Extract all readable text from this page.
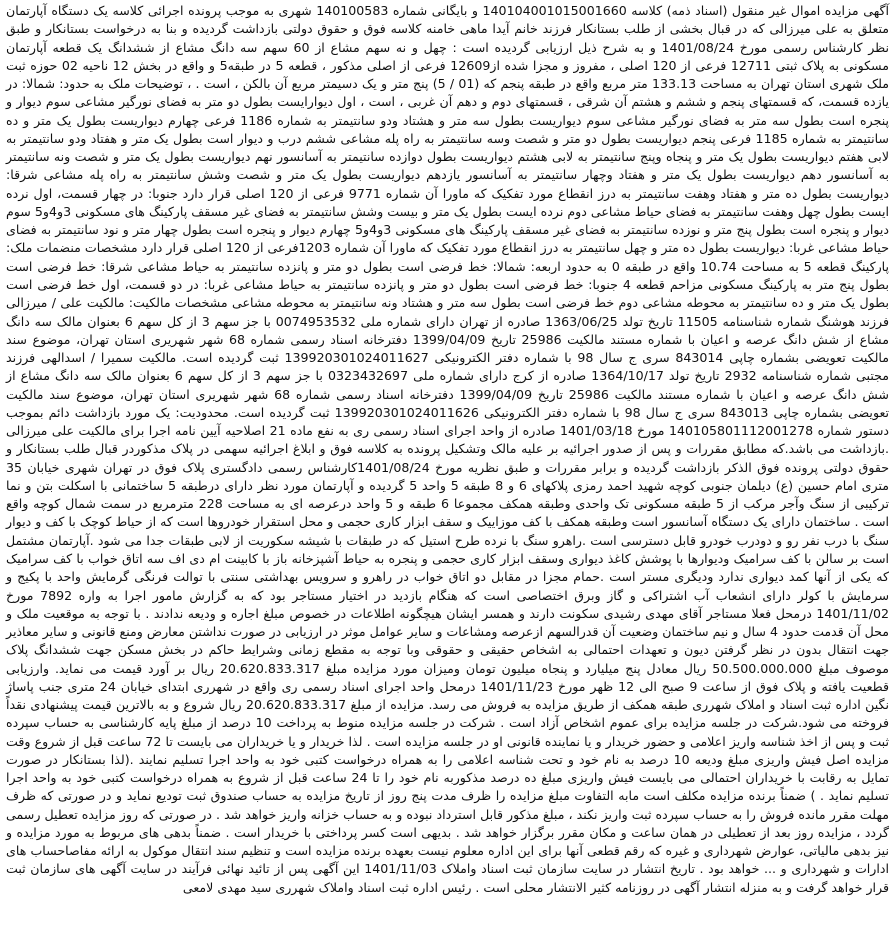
آگهی مزایده اموال غیر منقول (اسناد ذمه) کلاسه 140104001015001660 و بایگانی شماره 140100583 شهری به موجب پرونده اجرائی کلاسه یک دستگاه آپارتمان متعلق به علی میرزالی که در قبال بخشی از طلب بستانکار فرزند خانم آیدا ماهی خامنه کلاسه فوق و حقوق دولتی بازداشت گردیده و بنا به درخواست بستانکار و طبق نظر کارشناس رسمی مورخ 1401/08/24 و به شرح ذیل ارزیابی گردیده است : چهل و نه سهم مشاع از 60 سهم سه دانگ مشاع از ششدانگ یک قطعه آپارتمان مسکونی به پلاک ثبتی 12711 فرعی از 120 اصلی ، مفروز و مجزا شده از12609 فرعی از اصلی مذکور ، قطعه 5 در طبقه5 و واقع در بخش 12 ناحیه 02 حوزه ثبت ملک شهری استان تهران به مساحت 133.13 متر مربع واقع در طبقه پنجم که (01 / 5) پنج متر و یک دسیمتر مربع آن بالکن ، است . ، توضیحات ملک به حدود: شمالا: در یازده قسمت، که قسمتهای پنجم و ششم و هشتم آن شرقی ، قسمتهای دوم و دهم آن غربی ، است ، اول دیوارایست بطول دو متر به فضای نورگیر مشاعی سوم دیوار و پنجره است بطول سه متر به فضای نورگیر مشاعی سوم دیواریست بطول سه متر و هشتاد ودو سانتیمتر به شماره 1186 فرعی چهارم دیواریست بطول یک متر و ده سانتیمتر به شماره 1185 فرعی پنجم دیواریست بطول دو متر و شصت وسه سانتیمتر به راه پله مشاعی ششم درب و دیوار است بطول یک متر و هفتاد ودو سانتیمتر به لابی هفتم دیواریست بطول یک متر و پنجاه وپنج سانتیمتر به لابی هشتم دیواریست بطول دوازده سانتیمتر به آسانسور نهم دیواریست بطول یک متر و شصت ونه سانتیمتر به آسانسور دهم دیواریست بطول یک متر و هفتاد وچهار سانتیمتر به آسانسور یازدهم دیواریست بطول یک متر و شصت وشش سانتیمتر به راه پله مشاعی شرقا: دیواریست بطول ده متر و هفتاد وهفت سانتیمتر به درز انقطاع مورد تفکیک که ماورا آن شماره 9771 فرعی از 120 اصلی قرار دارد جنوبا: در چهار قسمت، اول نرده ایست بطول چهل وهفت سانتیمتر به فضای حیاط مشاعی دوم نرده ایست بطول یک متر و بیست وشش سانتیمتر به فضای غیر مسقف پارکینگ های مسکونی 3و4و5 سوم دیوار و پنجره است بطول پنج متر و نوزده سانتیمتر به فضای غیر مسقف پارکینگ های مسکونی 3و4و5 چهارم دیوار و پنجره است بطول چهار متر و نود سانتیمتر به فضای حیاط مشاعی غربا: دیواریست بطول ده متر و چهل سانتیمتر به درز انقطاع مورد تفکیک که ماورا آن شماره 1203فرعی از 120 اصلی قرار دارد مشخصات منضمات ملک: پارکینگ قطعه 5 به مساحت 10.74 واقع در طبقه 0 به حدود اربعه: شمالا: خط فرضی است بطول دو متر و پانزده سانتیمتر به حیاط مشاعی شرقا: خط فرضی است بطول پنج متر به پارکینگ مسکونی مزاحم قطعه 4 جنوبا: خط فرضی است بطول دو متر و پانزده سانتیمتر به حیاط مشاعی غربا: در دو قسمت، اول خط فرضی است بطول یک متر و ده سانتیمتر به محوطه مشاعی دوم خط فرضی است بطول سه متر و هشتاد ونه سانتیمتر به محوطه مشاعی مشخصات مالکیت: مالکیت علی / میرزالی فرزند هوشنگ شماره شناسنامه 11505 تاریخ تولد 1363/06/25 صادره از تهران دارای شماره ملی 0074953532 با جز سهم 3 از کل سهم 6 بعنوان مالک سه دانگ مشاع از شش دانگ عرصه و اعیان با شماره مستند مالکیت 25986 تاریخ 1399/04/09 دفترخانه اسناد رسمی شماره 68 شهر شهریری استان تهران، موضوع سند مالکیت تعویضی بشماره چاپی 843014 سری ج سال 98 با شماره دفتر الکترونیکی 139920301024011627 ثبت گردیده است. مالکیت سمیرا / اسدالهی فرزند مجتبی شماره شناسنامه 2932 تاریخ تولد 1364/10/17 صادره از کرج دارای شماره ملی 0323432697 با جز سهم 3 از کل سهم 6 بعنوان مالک سه دانگ مشاع از شش دانگ عرصه و اعیان با شماره مستند مالکیت 25986 تاریخ 1399/04/09 دفترخانه اسناد رسمی شماره 68 شهر شهریری استان تهران، موضوع سند مالکیت تعویضی بشماره چاپی 843013 سری ج سال 98 با شماره دفتر الکترونیکی 139920301024011626 ثبت گردیده است. محدودیت: یک مورد بازداشت دائم بموجب دستور شماره 140105801112001278 مورخ 1401/03/18 صادره از واحد اجرای اسناد رسمی ری به نفع ماده 21 اصلاحیه آیین نامه اجرا برای مالکیت علی میرزالی .بازداشت می باشد.که مطابق مقررات و پس از صدور اجرائیه بر علیه مالک وتشکیل پرونده به کلاسه فوق و ابلاغ اجرائیه سهمی در پلاک مذکوردر قبال طلب بستانکار و حقوق دولتی پرونده فوق الذکر بازداشت گردیده و برابر مقررات و طبق نظریه مورخ 1401/08/24کارشناس رسمی دادگستری پلاک فوق در تهران شهری خیابان 35 متری امام حسین (ع) دیلمان جنوبی کوچه شهید احمد رمزی پلاکهای 6 و 8 طبقه 5 واحد 5 گردیده و آپارتمان مورد نظر دارای درطبقه 5 ساختمانی با اسکلت بتن و نما ترکیبی از سنگ وآجر مرکب از 5 طبقه مسکونی تک واحدی وطبقه همکف مجموعا 6 طبقه و 5 واحد درعرصه ای به مساحت 228 مترمربع در سمت شمال کوچه واقع است . ساختمان دارای یک دستگاه آسانسور است وطبقه همکف با کف موزاییک و سقف ابزار کاری حجمی و محل استقرار خودروها است که از حیاط کوچک با کف و دیوار سنگ با درب نفر رو و دودرب خودرو قابل دسترسی است .راهرو سنگ با نرده طرح استیل که در طبقات با شیشه سکوریت از لابی طبقات جدا می شود .آپارتمان مشتمل است بر سالن با کف سرامیک ودیوارها با پوشش کاغذ دیواری وسقف ابزار کاری حجمی و پنجره به حیاط آشپزخانه باز با کابینت ام دی اف سه اتاق خواب با کف سرامیک که یکی از آنها کمد دیواری ندارد ودیگری مستر است .حمام مجزا در مقابل دو اتاق خواب در راهرو و سرویس بهداشتی سنتی با توالت فرنگی گرمایش واحد با پکیج و سرمایش با کولر دارای انشعاب آب اشتراکی و گاز وبرق اختصاصی است که هنگام بازدید در اختیار مستاجر بود که به گزارش مامور اجرا به واره 7892 مورخ 1401/11/02 درمحل فعلا مستاجر آقای مهدی رشیدی سکونت دارند و همسر ایشان هیچگونه اطلاعات در خصوص مبلغ اجاره و ودیعه ندادند . با توجه به موقعیت ملک و محل آن قدمت حدود 4 سال و نیم ساختمان وضعیت آن قدرالسهم ازعرصه ومشاعات و سایر عوامل موثر در ارزیابی در صورت نداشتن معارض ومنع قانونی و سایر معاذیر جهت انتقال بدون در نظر گرفتن دیون و تعهدات احتمالی به اشخاص حقیقی و حقوقی وبا توجه به مقطع زمانی وشرایط حاکم در بخش مسکن جهت ششدانگ پلاک موصوف مبلغ 50.500.000.000 ریال معادل پنج میلیارد و پنجاه میلیون تومان ومیزان مورد مزایده مبلغ 20.620.833.317 ریال بر آورد قیمت می نماید. وارزیابی قطعیت یافته و پلاک فوق از ساعت 9 صبح الی 12 ظهر مورخ 1401/11/23 درمحل واحد اجرای اسناد رسمی ری واقع در شهرری ابتدای خیابان 24 متری جنب پاساژ نگین اداره ثبت اسناد و املاک شهرری طبقه همکف از طریق مزایده به فروش می رسد. مزایده از مبلغ 20.620.833.317 ریال شروع و به بالاترین قیمت پیشنهادی نقداً فروخته می شود.شرکت در جلسه مزایده برای عموم اشخاص آزاد است . شرکت در جلسه مزایده منوط به پرداخت 10 درصد از مبلغ پایه کارشناسی به حساب سپرده ثبت و پس از اخذ شناسه واریز اعلامی و حضور خریدار و یا نماینده قانونی او در جلسه مزایده است . لذا خریدار و یا خریداران می بایست تا 72 ساعت قبل از شروع وقت مزایده اصل فیش واریزی مبلغ ودیعه 10 درصد به نام خود و تحت شناسه اعلامی را به همراه درخواست کتبی خود به واحد اجرا تسلیم نمایند .(لذا بستانکار در صورت تمایل به رقابت با خریداران احتمالی می بایست فیش واریزی مبلغ ده درصد مذکوربه نام خود را تا 24 ساعت قبل از شروع به همراه درخواست کتبی خود به واحد اجرا تسلیم نماید . ) ضمناً برنده مزایده مکلف است مابه التفاوت مبلغ مزایده را ظرف مدت پنج روز از تاریخ مزایده به حساب صندوق ثبت تودیع نماید و در صورتی که ظرف مهلت مقرر مانده فروش را به حساب سپرده ثبت واریز نکند ، مبلغ مذکور قابل استرداد نبوده و به حساب خزانه واریز خواهد شد . در صورتی که روز مزایده تعطیل رسمی گردد ، مزایده روز بعد از تعطیلی در همان ساعت و مکان مقرر برگزار خواهد شد . بدیهی است کسر پرداختی با خریدار است . ضمناً بدهی های مربوط به مورد مزایده و نیز بدهی مالیاتی، عوارض شهرداری و غیره که رقم قطعی آنها برای این اداره معلوم نیست بعهده برنده مزایده است و تنظیم سند انتقال موکول به ارائه مفاصاحساب های ادارات و شهرداری و ... خواهد بود . تاریخ انتشار در سایت سازمان ثبت اسناد واملاک 1401/11/03 این آگهی پس از تائید نهائی فرآیند در سایت آگهی های سازمان ثبت قرار خواهد گرفت و به منزله انتشار آگهی در روزنامه کثیر الانتشار محلی است . رئیس اداره ثبت اسناد واملاک شهرری سید مهدی لامعی
